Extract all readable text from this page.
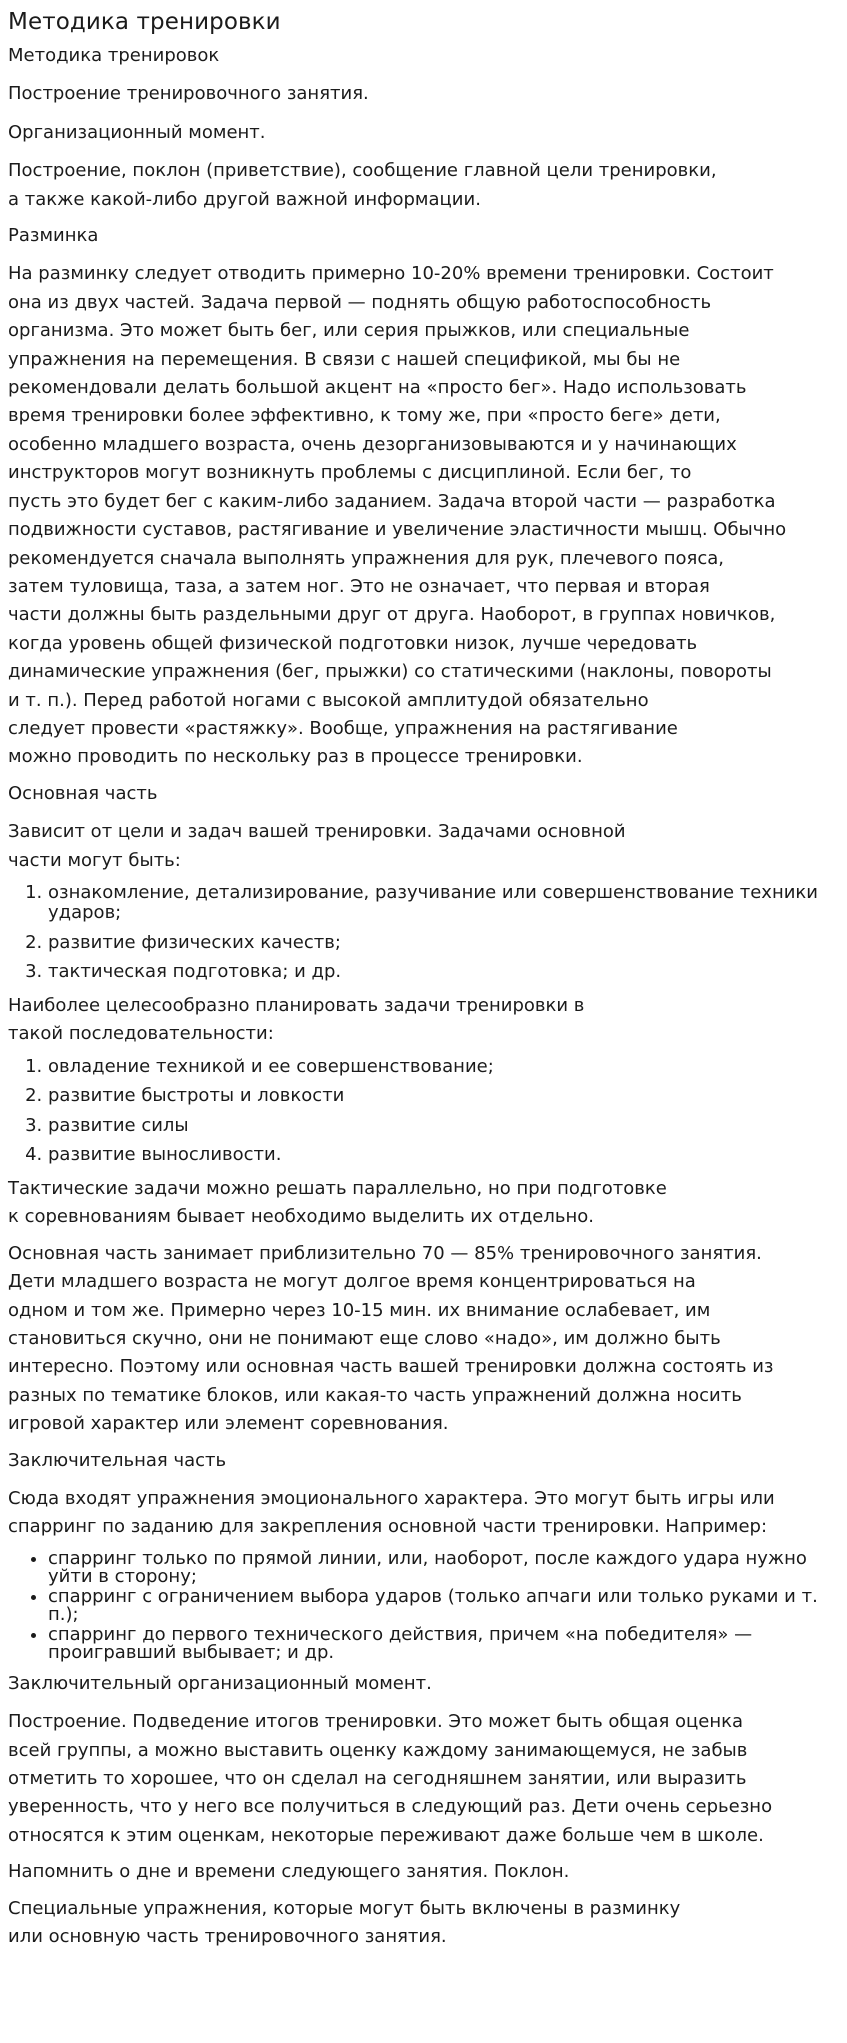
Методика тренировки

Методика тренировок

Построение тренировочного занятия.

Организационный момент.

Построение, поклон (приветствие), сообщение главной цели тренировки,
а также какой-либо другой важной информации.

Разминка

На разминку следует отводить примерно 10-20% времени тренировки. Состоит
она из двух частей. Задача первой — поднять общую работоспособность
организма. Это может быть бег, или серия прыжков, или специальные
упражнения на перемещения. В связи с нашей спецификой, мы бы не
рекомендовали делать большой акцент на «просто бег». Надо использовать
время тренировки более эффективно, к тому же, при «просто беге» дети,
особенно младшего возраста, очень дезорганизовываются и у начинающих
инструкторов могут возникнуть проблемы с дисциплиной. Если бег, то
пусть это будет бег с каким-либо заданием. Задача второй части — разработка
подвижности суставов, растягивание и увеличение эластичности мышц. Обычно
рекомендуется сначала выполнять упражнения для рук, плечевого пояса,
затем туловища, таза, а затем ног. Это не означает, что первая и вторая
части должны быть раздельными друг от друга. Наоборот, в группах новичков,
когда уровень общей физической подготовки низок, лучше чередовать
динамические упражнения (бег, прыжки) со статическими (наклоны, повороты
и т. п.). Перед работой ногами с высокой амплитудой обязательно
следует провести «растяжку». Вообще, упражнения на растягивание
можно проводить по нескольку раз в процессе тренировки.

Основная часть

Зависит от цели и задач вашей тренировки. Задачами основной
части могут быть:

1. ознакомление, детализирование, разучивание или совершенствование техники ударов;
2. развитие физических качеств;
3. тактическая подготовка; и др.

Наиболее целесообразно планировать задачи тренировки в
такой последовательности:

1. овладение техникой и ее совершенствование;
2. развитие быстроты и ловкости
3. развитие силы
4. развитие выносливости.

Тактические задачи можно решать параллельно, но при подготовке
к соревнованиям бывает необходимо выделить их отдельно.

Основная часть занимает приблизительно 70 — 85% тренировочного занятия.
Дети младшего возраста не могут долгое время концентрироваться на
одном и том же. Примерно через 10-15 мин. их внимание ослабевает, им
становиться скучно, они не понимают еще слово «надо», им должно быть
интересно. Поэтому или основная часть вашей тренировки должна состоять из
разных по тематике блоков, или какая-то часть упражнений должна носить
игровой характер или элемент соревнования.

Заключительная часть

Сюда входят упражнения эмоционального характера. Это могут быть игры или
спарринг по заданию для закрепления основной части тренировки. Например:

• спарринг только по прямой линии, или, наоборот, после каждого удара нужно уйти в сторону;
• спарринг с ограничением выбора ударов (только апчаги или только руками и т. п.);
• спарринг до первого технического действия, причем «на победителя» — проигравший выбывает; и др.

Заключительный организационный момент.

Построение. Подведение итогов тренировки. Это может быть общая оценка
всей группы, а можно выставить оценку каждому занимающемуся, не забыв
отметить то хорошее, что он сделал на сегодняшнем занятии, или выразить
уверенность, что у него все получиться в следующий раз. Дети очень серьезно
относятся к этим оценкам, некоторые переживают даже больше чем в школе.

Напомнить о дне и времени следующего занятия. Поклон.

Специальные упражнения, которые могут быть включены в разминку
или основную часть тренировочного занятия.
